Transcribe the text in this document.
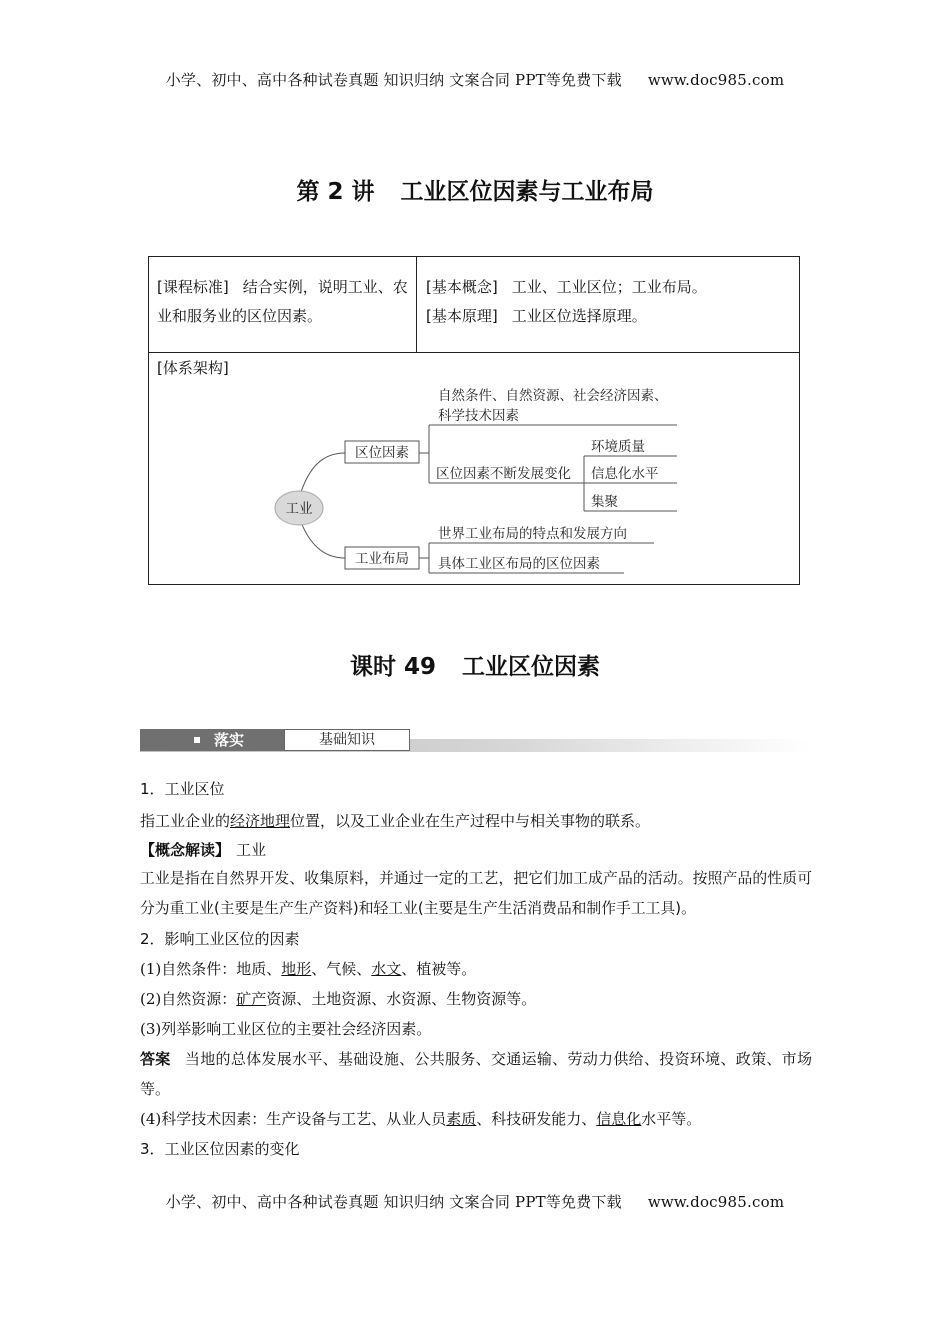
小学、初中、高中各种试卷真题 知识归纳 文案合同 PPT等免费下载 www.doc985.com
第 2 讲 工业区位因素与工业布局
[课程标准] 结合实例，说明工业、农业和服务业的区位因素。
[基本概念] 工业、工业区位；工业布局。
[基本原理] 工业区位选择原理。
[体系架构]
工业
区位因素
工业布局
自然条件、自然资源、社会经济因素、
科学技术因素
区位因素不断发展变化
环境质量
信息化水平
集聚
世界工业布局的特点和发展方向
具体工业区布局的区位因素
课时 49 工业区位因素
落实	基础知识

1．工业区位

指工业企业的经济地理位置，以及工业企业在生产过程中与相关事物的联系。

【概念解读】 工业

工业是指在自然界开发、收集原料，并通过一定的工艺，把它们加工成产品的活动。按照产品的性质可分为重工业(主要是生产生产资料)和轻工业(主要是生产生活消费品和制作手工工具)。

2．影响工业区位的因素

(1)自然条件：地质、地形、气候、水文、植被等。

(2)自然资源：矿产资源、土地资源、水资源、生物资源等。

(3)列举影响工业区位的主要社会经济因素。

答案 当地的总体发展水平、基础设施、公共服务、交通运输、劳动力供给、投资环境、政策、市场等。

(4)科学技术因素：生产设备与工艺、从业人员素质、科技研发能力、信息化水平等。

3．工业区位因素的变化

小学、初中、高中各种试卷真题 知识归纳 文案合同 PPT等免费下载 www.doc985.com
